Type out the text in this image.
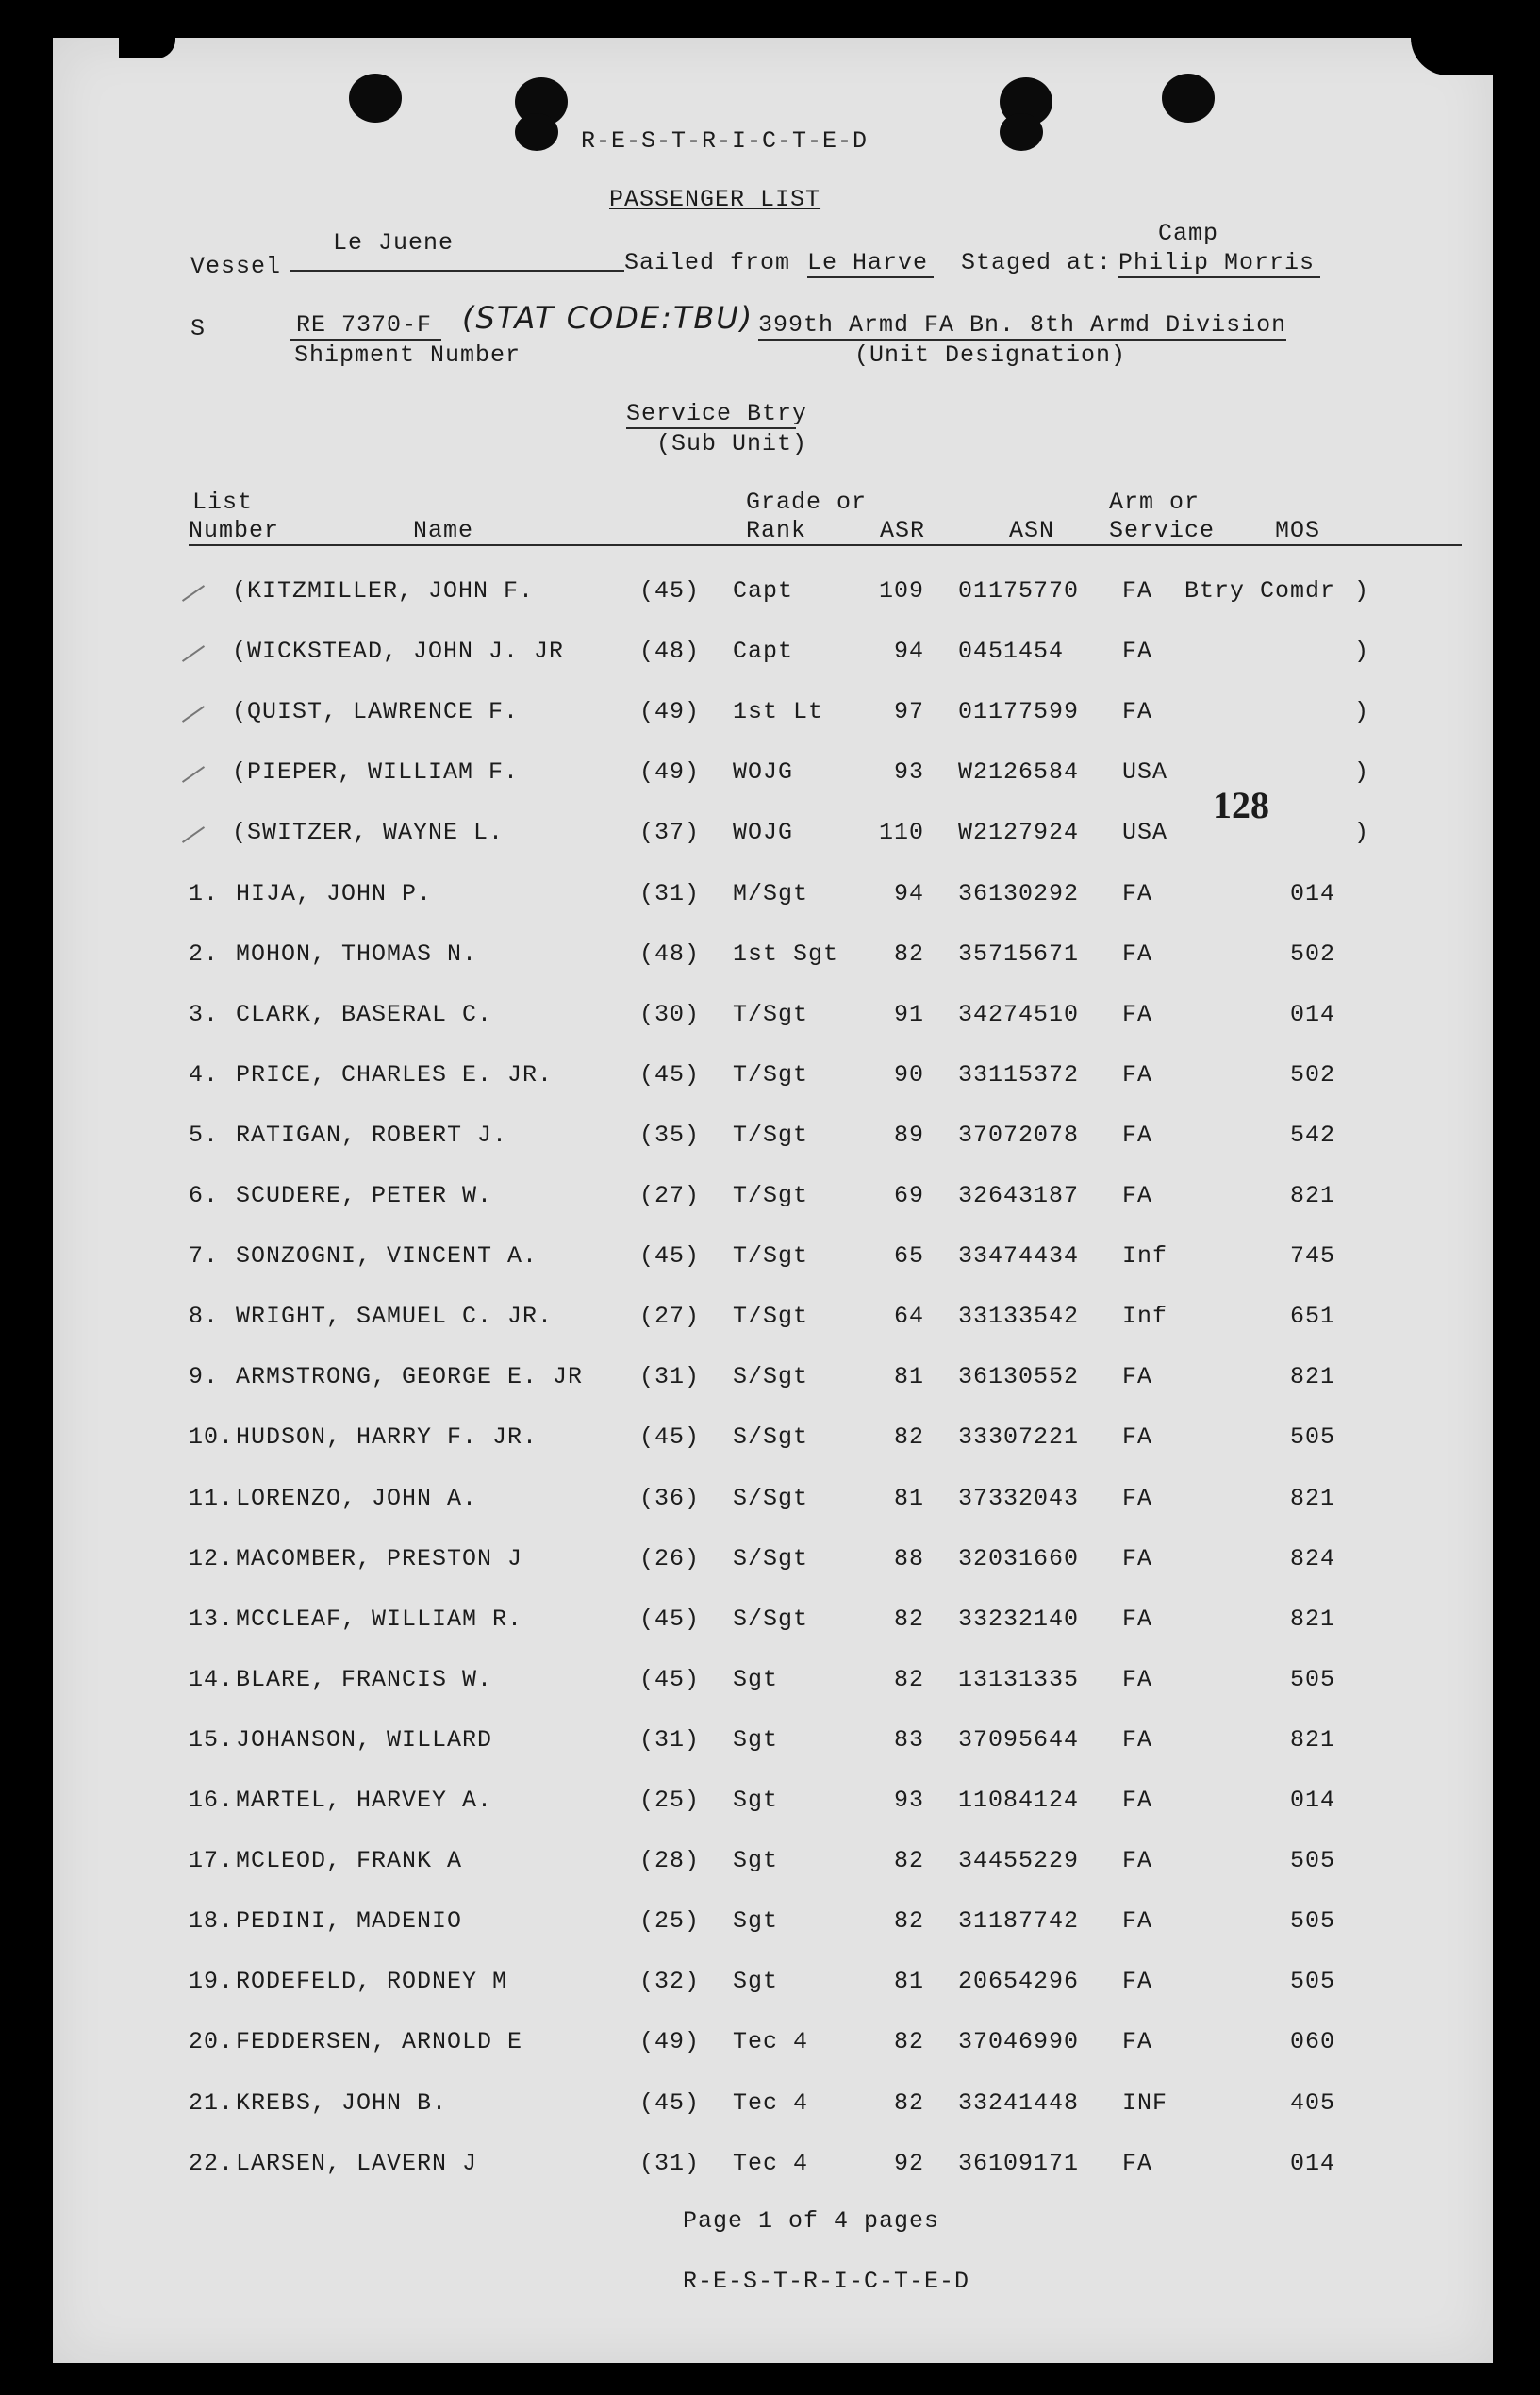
R-E-S-T-R-I-C-T-E-D
PASSENGER LIST
Camp
Vessel
Le Juene
Sailed from Le Harve Staged at: Philip Morris
S	RE 7370-F (STAT CODE:TBU) 399th Armd FA Bn. 8th Armd Division
Shipment Number	(Unit Designation)
Service Btry
(Sub Unit)
List
Number	Name
Grade or
Rank	ASR	ASN
Arm or
Service	MOS
128
(KITZMILLER, JOHN F.	(45) Capt	109 01175770 FA Btry Comdr )
(WICKSTEAD, JOHN J. JR	(48) Capt	94 0451454 FA	)
(QUIST, LAWRENCE F.	(49) 1st Lt	97 01177599 FA	)
(PIEPER, WILLIAM F.	(49) WOJG	93 W2126584 USA	)
(SWITZER, WAYNE L.	(37) WOJG	110 W2127924 USA	)
1. HIJA, JOHN P.	(31) M/Sgt	94 36130292 FA	014
2. MOHON, THOMAS N.	(48) 1st Sgt	82 35715671 FA	502
3. CLARK, BASERAL C.	(30) T/Sgt	91 34274510 FA	014
4. PRICE, CHARLES E. JR.	(45) T/Sgt	90 33115372 FA	502
5. RATIGAN, ROBERT J.	(35) T/Sgt	89 37072078 FA	542
6. SCUDERE, PETER W.	(27) T/Sgt	69 32643187 FA	821
7. SONZOGNI, VINCENT A.	(45) T/Sgt	65 33474434 Inf	745
8. WRIGHT, SAMUEL C. JR.	(27) T/Sgt	64 33133542 Inf	651
9. ARMSTRONG, GEORGE E. JR (31) S/Sgt	81 36130552 FA	821
10. HUDSON, HARRY F. JR.	(45) S/Sgt	82 33307221 FA	505
11. LORENZO, JOHN A.	(36) S/Sgt	81 37332043 FA	821
12. MACOMBER, PRESTON J	(26) S/Sgt	88 32031660 FA	824
13. MCCLEAF, WILLIAM R.	(45) S/Sgt	82 33232140 FA	821
14. BLARE, FRANCIS W.	(45) Sgt	82 13131335 FA	505
15. JOHANSON, WILLARD	(31) Sgt	83 37095644 FA	821
16. MARTEL, HARVEY A.	(25) Sgt	93 11084124 FA	014
17. MCLEOD, FRANK A	(28) Sgt	82 34455229 FA	505
18. PEDINI, MADENIO	(25) Sgt	82 31187742 FA	505
19. RODEFELD, RODNEY M	(32) Sgt	81 20654296 FA	505
20. FEDDERSEN, ARNOLD E	(49) Tec 4	82 37046990 FA	060
21. KREBS, JOHN B.	(45) Tec 4	82 33241448 INF	405
22. LARSEN, LAVERN J	(31) Tec 4	92 36109171 FA	014
Page 1 of 4 pages
R-E-S-T-R-I-C-T-E-D
